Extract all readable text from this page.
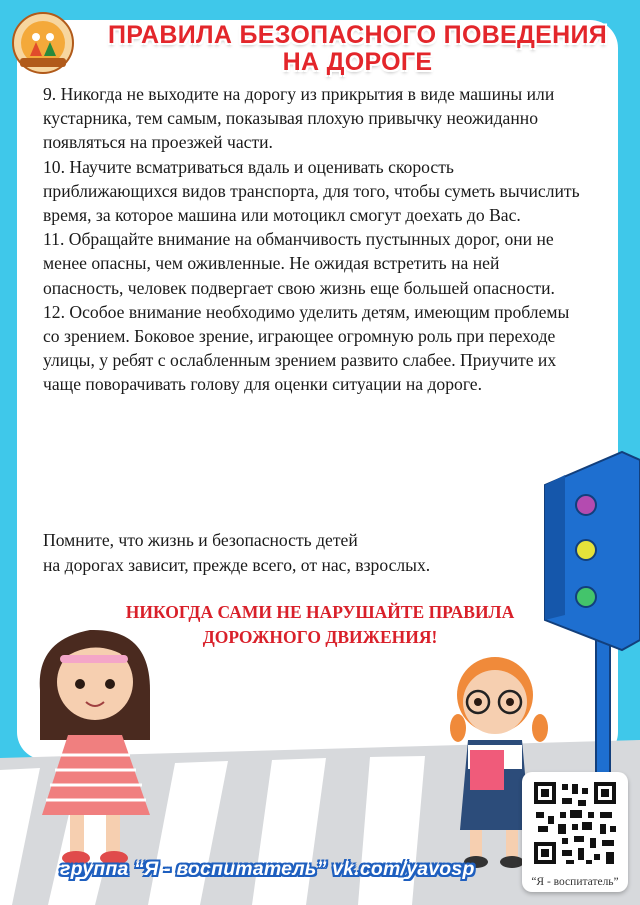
ПРАВИЛА БЕЗОПАСНОГО ПОВЕДЕНИЯ
НА ДОРОГЕ

9. Никогда не выходите на дорогу из прикрытия в виде машины или кустарника, тем самым, показывая плохую привычку неожиданно появляться на проезжей части.

10. Научите всматриваться вдаль и оценивать скорость приближающихся видов транспорта, для того, чтобы суметь вычислить время, за которое машина или мотоцикл смогут доехать до Вас.

11. Обращайте внимание на обманчивость пустынных дорог, они не менее опасны, чем оживленные. Не ожидая встретить на ней опасность, человек подвергает свою жизнь еще большей опасности.

12. Особое внимание необходимо уделить детям, имеющим проблемы со зрением. Боковое зрение, играющее огромную роль при переходе улицы, у ребят с ослабленным зрением развито слабее. Приучите их чаще поворачивать голову для оценки ситуации на дороге.

Помните, что жизнь и безопасность детей

на дорогах зависит, прежде всего, от нас, взрослых.

НИКОГДА САМИ НЕ НАРУШАЙТЕ ПРАВИЛА
ДОРОЖНОГО ДВИЖЕНИЯ!
“Я - воспитатель”
группа “Я - воспитатель” vk.com/yavosp
